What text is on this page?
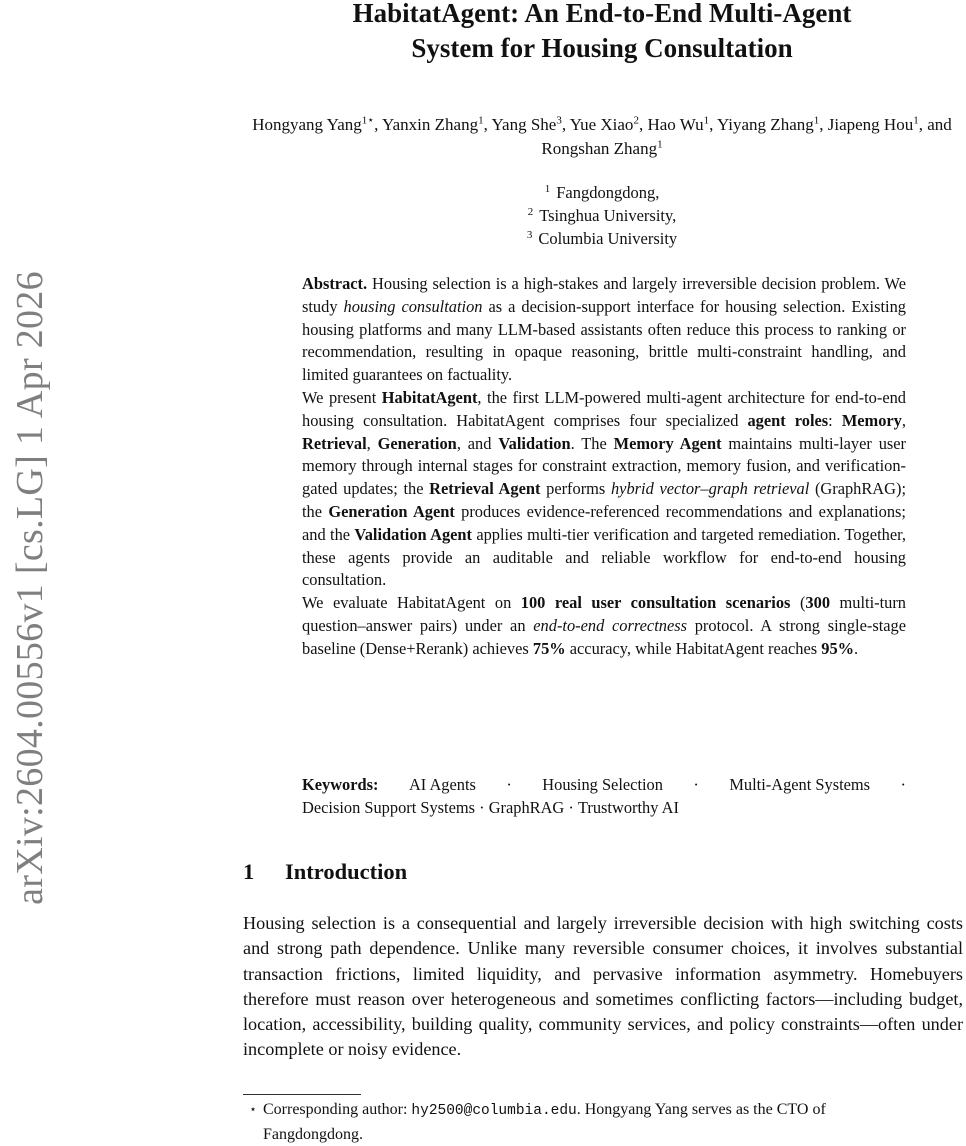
arXiv:2604.00556v1 [cs.LG] 1 Apr 2026
HabitatAgent: An End-to-End Multi-Agent
System for Housing Consultation
Hongyang Yang$^{1⋆}$, Yanxin Zhang$^1$, Yang She$^3$, Yue Xiao$^2$, Hao Wu$^1$, Yiyang Zhang$^1$, Jiapeng Hou$^1$, and Rongshan Zhang$^1$
$^1$ Fangdongdong,
$^2$ Tsinghua University,
$^3$ Columbia University

Abstract. Housing selection is a high-stakes and largely irreversible decision problem. We study housing consultation as a decision-support interface for housing selection. Existing housing platforms and many LLM-based assistants often reduce this process to ranking or recommendation, resulting in opaque reasoning, brittle multi-constraint handling, and limited guarantees on factuality.

We present HabitatAgent, the first LLM-powered multi-agent architecture for end-to-end housing consultation. HabitatAgent comprises four specialized agent roles: Memory, Retrieval, Generation, and Validation. The Memory Agent maintains multi-layer user memory through internal stages for constraint extraction, memory fusion, and verification-gated updates; the Retrieval Agent performs hybrid vector–graph retrieval (GraphRAG); the Generation Agent produces evidence-referenced recommendations and explanations; and the Validation Agent applies multi-tier verification and targeted remediation. Together, these agents provide an auditable and reliable workflow for end-to-end housing consultation.

We evaluate HabitatAgent on 100 real user consultation scenarios (300 multi-turn question–answer pairs) under an end-to-end correctness protocol. A strong single-stage baseline (Dense+Rerank) achieves 75% accuracy, while HabitatAgent reaches 95%.

Keywords: AI Agents · Housing Selection · Multi-Agent Systems ·
Decision Support Systems
·
GraphRAG
·
Trustworthy AI
1 Introduction

Housing selection is a consequential and largely irreversible decision with high switching costs and strong path dependence. Unlike many reversible consumer choices, it involves substantial transaction frictions, limited liquidity, and pervasive information asymmetry. Homebuyers therefore must reason over heterogeneous and sometimes conflicting factors—including budget, location, accessibility, building quality, community services, and policy constraints—often under incomplete or noisy evidence.

⋆ Corresponding author: hy2500@columbia.edu. Hongyang Yang serves as the CTO of
Fangdongdong.
